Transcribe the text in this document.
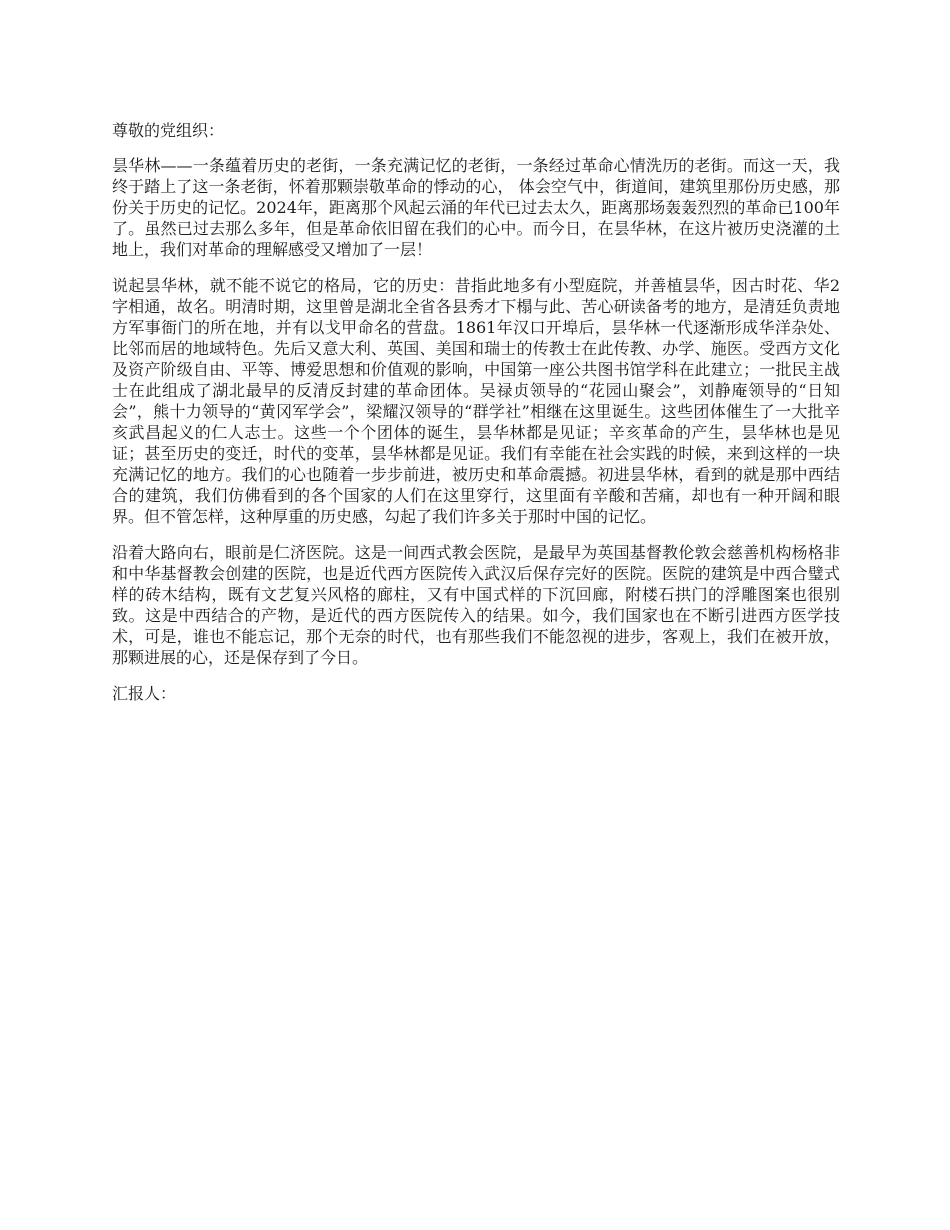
尊敬的党组织：

昙华林——一条蕴着历史的老街，一条充满记忆的老街，一条经过革命心情洗历的老街。而这一天，我终于踏上了这一条老街，怀着那颗崇敬革命的悸动的心， 体会空气中，街道间，建筑里那份历史感，那份关于历史的记忆。2024年，距离那个风起云涌的年代已过去太久，距离那场轰轰烈烈的革命已100年了。虽然已过去那么多年，但是革命依旧留在我们的心中。而今日，在昙华林，在这片被历史浇灌的土地上，我们对革命的理解感受又增加了一层！

说起昙华林，就不能不说它的格局，它的历史：昔指此地多有小型庭院，并善植昙华，因古时花、华2字相通，故名。明清时期，这里曾是湖北全省各县秀才下榻与此、苦心研读备考的地方，是清廷负责地方军事衙门的所在地，并有以戈甲命名的营盘。1861年汉口开埠后，昙华林一代逐渐形成华洋杂处、比邻而居的地域特色。先后又意大利、英国、美国和瑞士的传教士在此传教、办学、施医。受西方文化及资产阶级自由、平等、博爱思想和价值观的影响，中国第一座公共图书馆学科在此建立；一批民主战士在此组成了湖北最早的反清反封建的革命团体。吴禄贞领导的“花园山聚会”，刘静庵领导的“日知会”，熊十力领导的“黄冈军学会”，梁耀汉领导的“群学社”相继在这里诞生。这些团体催生了一大批辛亥武昌起义的仁人志士。这些一个个团体的诞生，昙华林都是见证；辛亥革命的产生，昙华林也是见证；甚至历史的变迁，时代的变革，昙华林都是见证。我们有幸能在社会实践的时候，来到这样的一块充满记忆的地方。我们的心也随着一步步前进，被历史和革命震撼。初进昙华林，看到的就是那中西结合的建筑，我们仿佛看到的各个国家的人们在这里穿行，这里面有辛酸和苦痛，却也有一种开阔和眼界。但不管怎样，这种厚重的历史感，勾起了我们许多关于那时中国的记忆。

沿着大路向右，眼前是仁济医院。这是一间西式教会医院，是最早为英国基督教伦敦会慈善机构杨格非和中华基督教会创建的医院，也是近代西方医院传入武汉后保存完好的医院。医院的建筑是中西合璧式样的砖木结构，既有文艺复兴风格的廊柱，又有中国式样的下沉回廊，附楼石拱门的浮雕图案也很别致。这是中西结合的产物，是近代的西方医院传入的结果。如今，我们国家也在不断引进西方医学技术，可是，谁也不能忘记，那个无奈的时代，也有那些我们不能忽视的进步，客观上，我们在被开放，那颗进展的心，还是保存到了今日。

汇报人：
